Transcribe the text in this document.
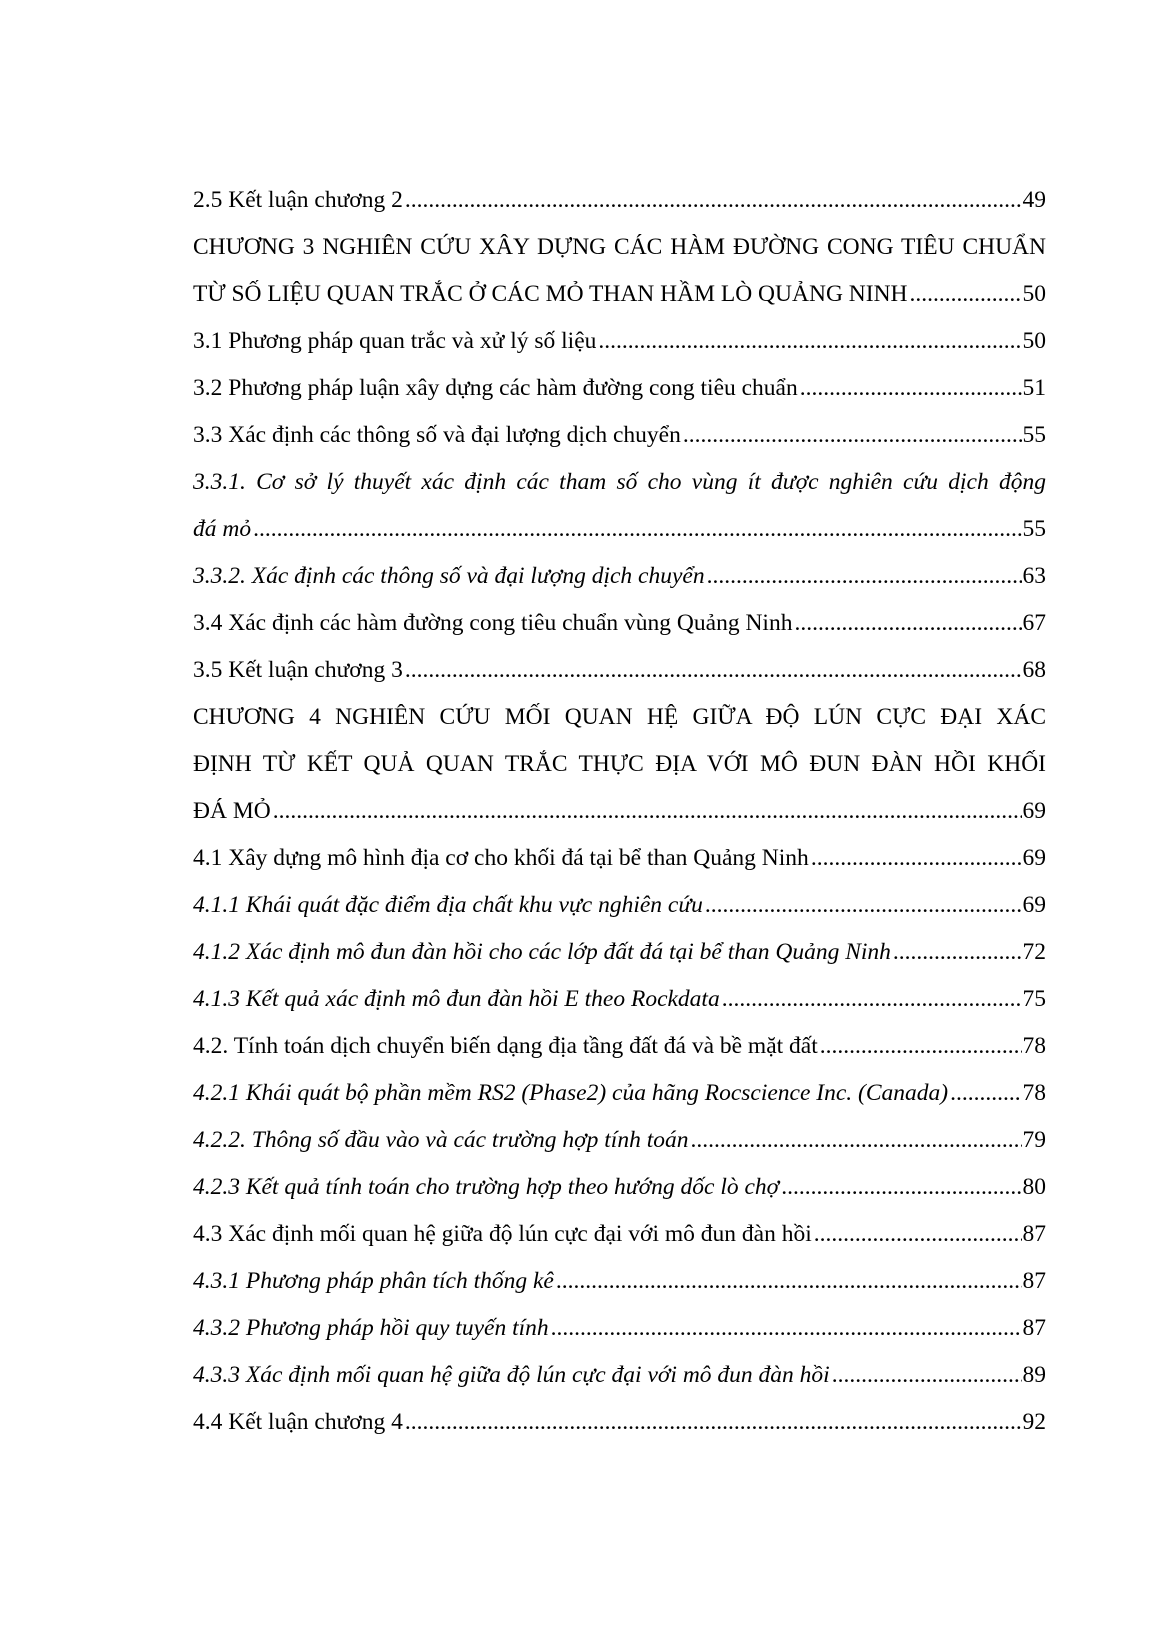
2.5 Kết luận chương 2 .....	49
CHƯƠNG 3 NGHIÊN CỨU XÂY DỰNG CÁC HÀM ĐƯỜNG CONG TIÊU CHUẨN
TỪ SỐ LIỆU QUAN TRẮC Ở CÁC MỎ THAN HẦM LÒ QUẢNG NINH .....	50
3.1 Phương pháp quan trắc và xử lý số liệu .....	50
3.2 Phương pháp luận xây dựng các hàm đường cong tiêu chuẩn .....	51
3.3 Xác định các thông số và đại lượng dịch chuyển .....	55
3.3.1. Cơ sở lý thuyết xác định các tham số cho vùng ít được nghiên cứu dịch động
đá mỏ .....	55
3.3.2. Xác định các thông số và đại lượng dịch chuyển .....	63
3.4 Xác định các hàm đường cong tiêu chuẩn vùng Quảng Ninh .....	67
3.5 Kết luận chương 3 .....	68
CHƯƠNG 4 NGHIÊN CỨU MỐI QUAN HỆ GIỮA ĐỘ LÚN CỰC ĐẠI XÁC
ĐỊNH TỪ KẾT QUẢ QUAN TRẮC THỰC ĐỊA VỚI MÔ ĐUN ĐÀN HỒI KHỐI
ĐÁ MỎ .....	69
4.1 Xây dựng mô hình địa cơ cho khối đá tại bể than Quảng Ninh .....	69
4.1.1 Khái quát đặc điểm địa chất khu vực nghiên cứu .....	69
4.1.2 Xác định mô đun đàn hồi cho các lớp đất đá tại bể than Quảng Ninh .....	72
4.1.3 Kết quả xác định mô đun đàn hồi E theo Rockdata .....	75
4.2. Tính toán dịch chuyển biến dạng địa tầng đất đá và bề mặt đất .....	78
4.2.1 Khái quát bộ phần mềm RS2 (Phase2) của hãng Rocscience Inc. (Canada) .....	78
4.2.2. Thông số đầu vào và các trường hợp tính toán .....	79
4.2.3 Kết quả tính toán cho trường hợp theo hướng dốc lò chợ .....	80
4.3 Xác định mối quan hệ giữa độ lún cực đại với mô đun đàn hồi .....	87
4.3.1 Phương pháp phân tích thống kê .....	87
4.3.2 Phương pháp hồi quy tuyến tính .....	87
4.3.3 Xác định mối quan hệ giữa độ lún cực đại với mô đun đàn hồi .....	89
4.4 Kết luận chương 4 .....	92
